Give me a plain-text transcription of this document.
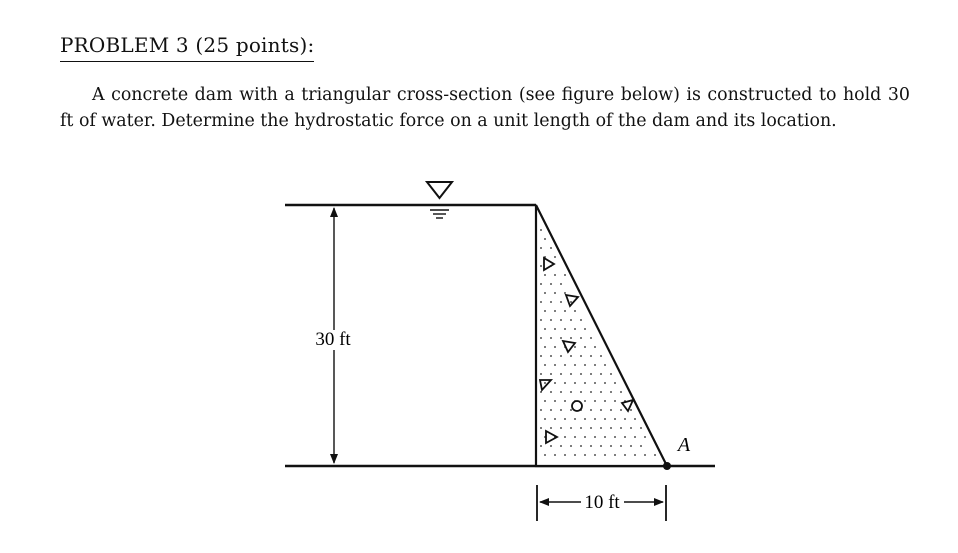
PROBLEM 3 (25 points):
A concrete dam with a triangular cross-section (see figure below) is constructed to hold 30 ft of water. Determine the hydrostatic force on a unit length of the dam and its location.
30 ft
A
10 ft
